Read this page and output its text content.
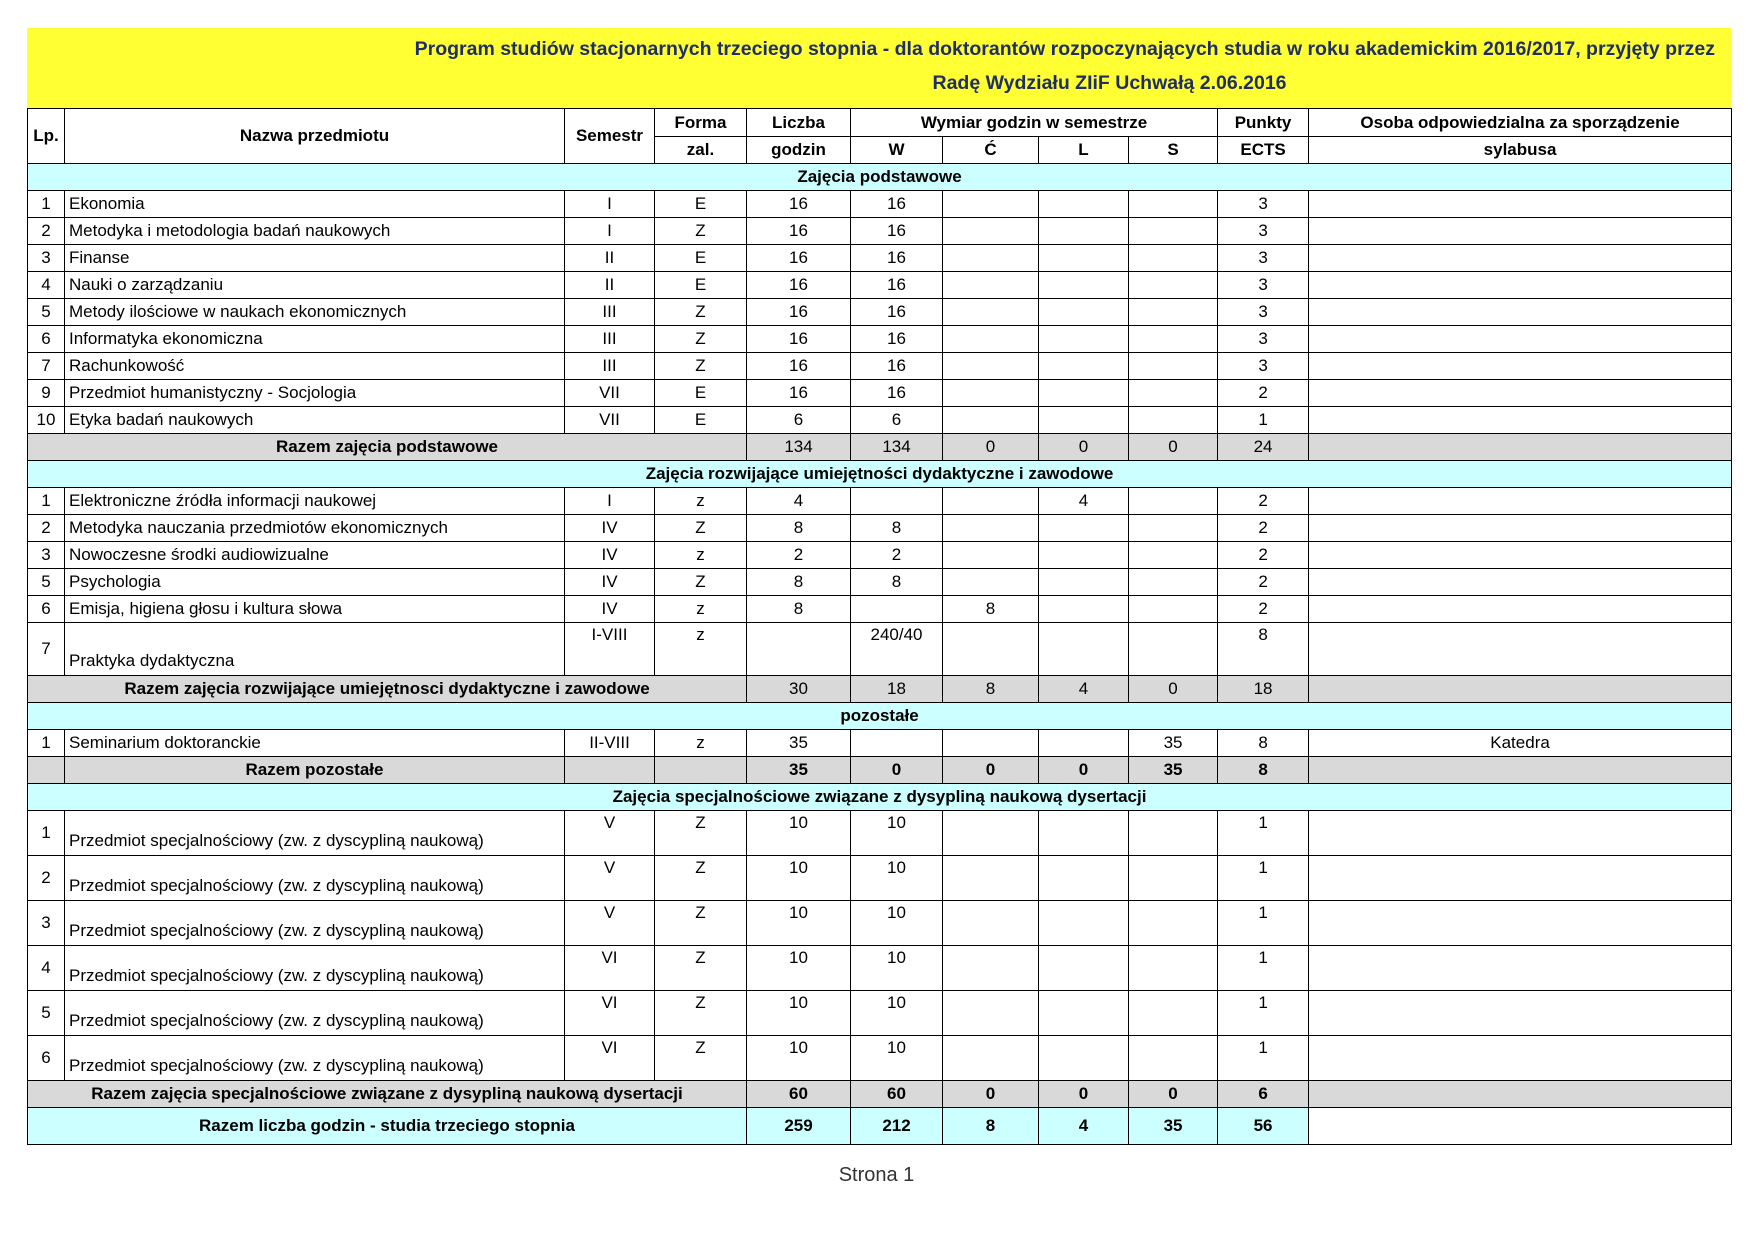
Program studiów stacjonarnych trzeciego stopnia - dla doktorantów rozpoczynających studia w roku akademickim 2016/2017, przyjęty przez
Radę Wydziału ZIiF Uchwałą 2.06.2016
Lp.	Nazwa przedmiotu	Semestr	Forma	Liczba	Wymiar godzin w semestrze				Punkty	Osoba odpowiedzialna za sporządzenie
			zal.	godzin	W	Ć	L	S	ECTS	sylabusa
Zajęcia podstawowe										
1	Ekonomia	I	E	16	16				3	
2	Metodyka i metodologia badań naukowych	I	Z	16	16				3	
3	Finanse	II	E	16	16				3	
4	Nauki o zarządzaniu	II	E	16	16				3	
5	Metody ilościowe w naukach ekonomicznych	III	Z	16	16				3	
6	Informatyka ekonomiczna	III	Z	16	16				3	
7	Rachunkowość	III	Z	16	16				3	
9	Przedmiot humanistyczny - Socjologia	VII	E	16	16				2	
10	Etyka badań naukowych	VII	E	6	6				1	
Razem zajęcia podstawowe				134	134	0	0	0	24	
Zajęcia rozwijające umiejętności dydaktyczne i zawodowe										
1	Elektroniczne źródła informacji naukowej	I	z	4			4		2	
2	Metodyka nauczania przedmiotów ekonomicznych	IV	Z	8	8				2	
3	Nowoczesne środki audiowizualne	IV	z	2	2				2	
5	Psychologia	IV	Z	8	8				2	
6	Emisja, higiena głosu i kultura słowa	IV	z	8		8			2	
7	Praktyka dydaktyczna	I-VIII	z		240/40				8	
Razem zajęcia rozwijające umiejętnosci dydaktyczne i zawodowe				30	18	8	4	0	18	
pozostałe										
1	Seminarium doktoranckie	II-VIII	z	35				35	8	Katedra
	Razem pozostałe			35	0	0	0	35	8	
Zajęcia specjalnościowe związane z dysypliną naukową dysertacji										
1	Przedmiot specjalnościowy (zw. z dyscypliną naukową)	V	Z	10	10				1	
2	Przedmiot specjalnościowy (zw. z dyscypliną naukową)	V	Z	10	10				1	
3	Przedmiot specjalnościowy (zw. z dyscypliną naukową)	V	Z	10	10				1	
4	Przedmiot specjalnościowy (zw. z dyscypliną naukową)	VI	Z	10	10				1	
5	Przedmiot specjalnościowy (zw. z dyscypliną naukową)	VI	Z	10	10				1	
6	Przedmiot specjalnościowy (zw. z dyscypliną naukową)	VI	Z	10	10				1	
Razem zajęcia specjalnościowe związane z dysypliną naukową dysertacji				60	60	0	0	0	6	
Razem liczba godzin - studia trzeciego stopnia				259	212	8	4	35	56	
Strona 1
